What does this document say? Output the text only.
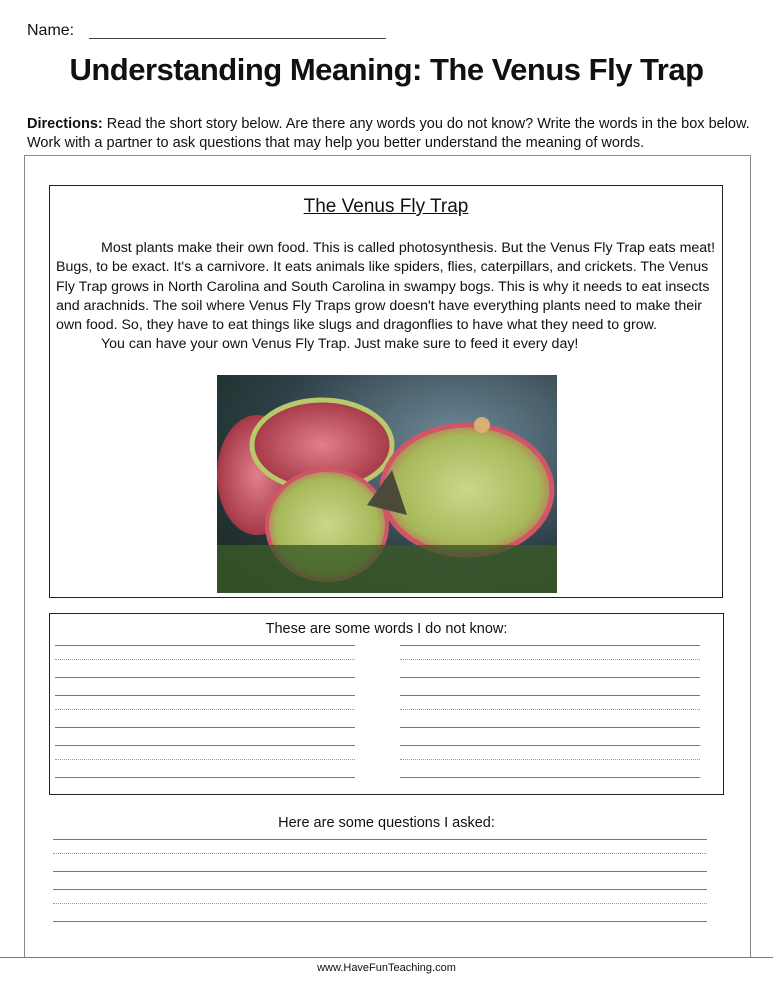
Name:
Understanding Meaning: The Venus Fly Trap
Directions: Read the short story below. Are there any words you do not know? Write the words in the box below. Work with a partner to ask questions that may help you better understand the meaning of words.
The Venus Fly Trap

Most plants make their own food. This is called photosynthesis. But the Venus Fly Trap eats meat! Bugs, to be exact. It's a carnivore. It eats animals like spiders, flies, caterpillars, and crickets. The Venus Fly Trap grows in North Carolina and South Carolina in swampy bogs. This is why it needs to eat insects and arachnids. The soil where Venus Fly Traps grow doesn't have everything plants need to make their own food. So, they have to eat things like slugs and dragonflies to have what they need to grow.

You can have your own Venus Fly Trap. Just make sure to feed it every day!

These are some words I do not know:
Here are some questions I asked:
www.HaveFunTeaching.com
